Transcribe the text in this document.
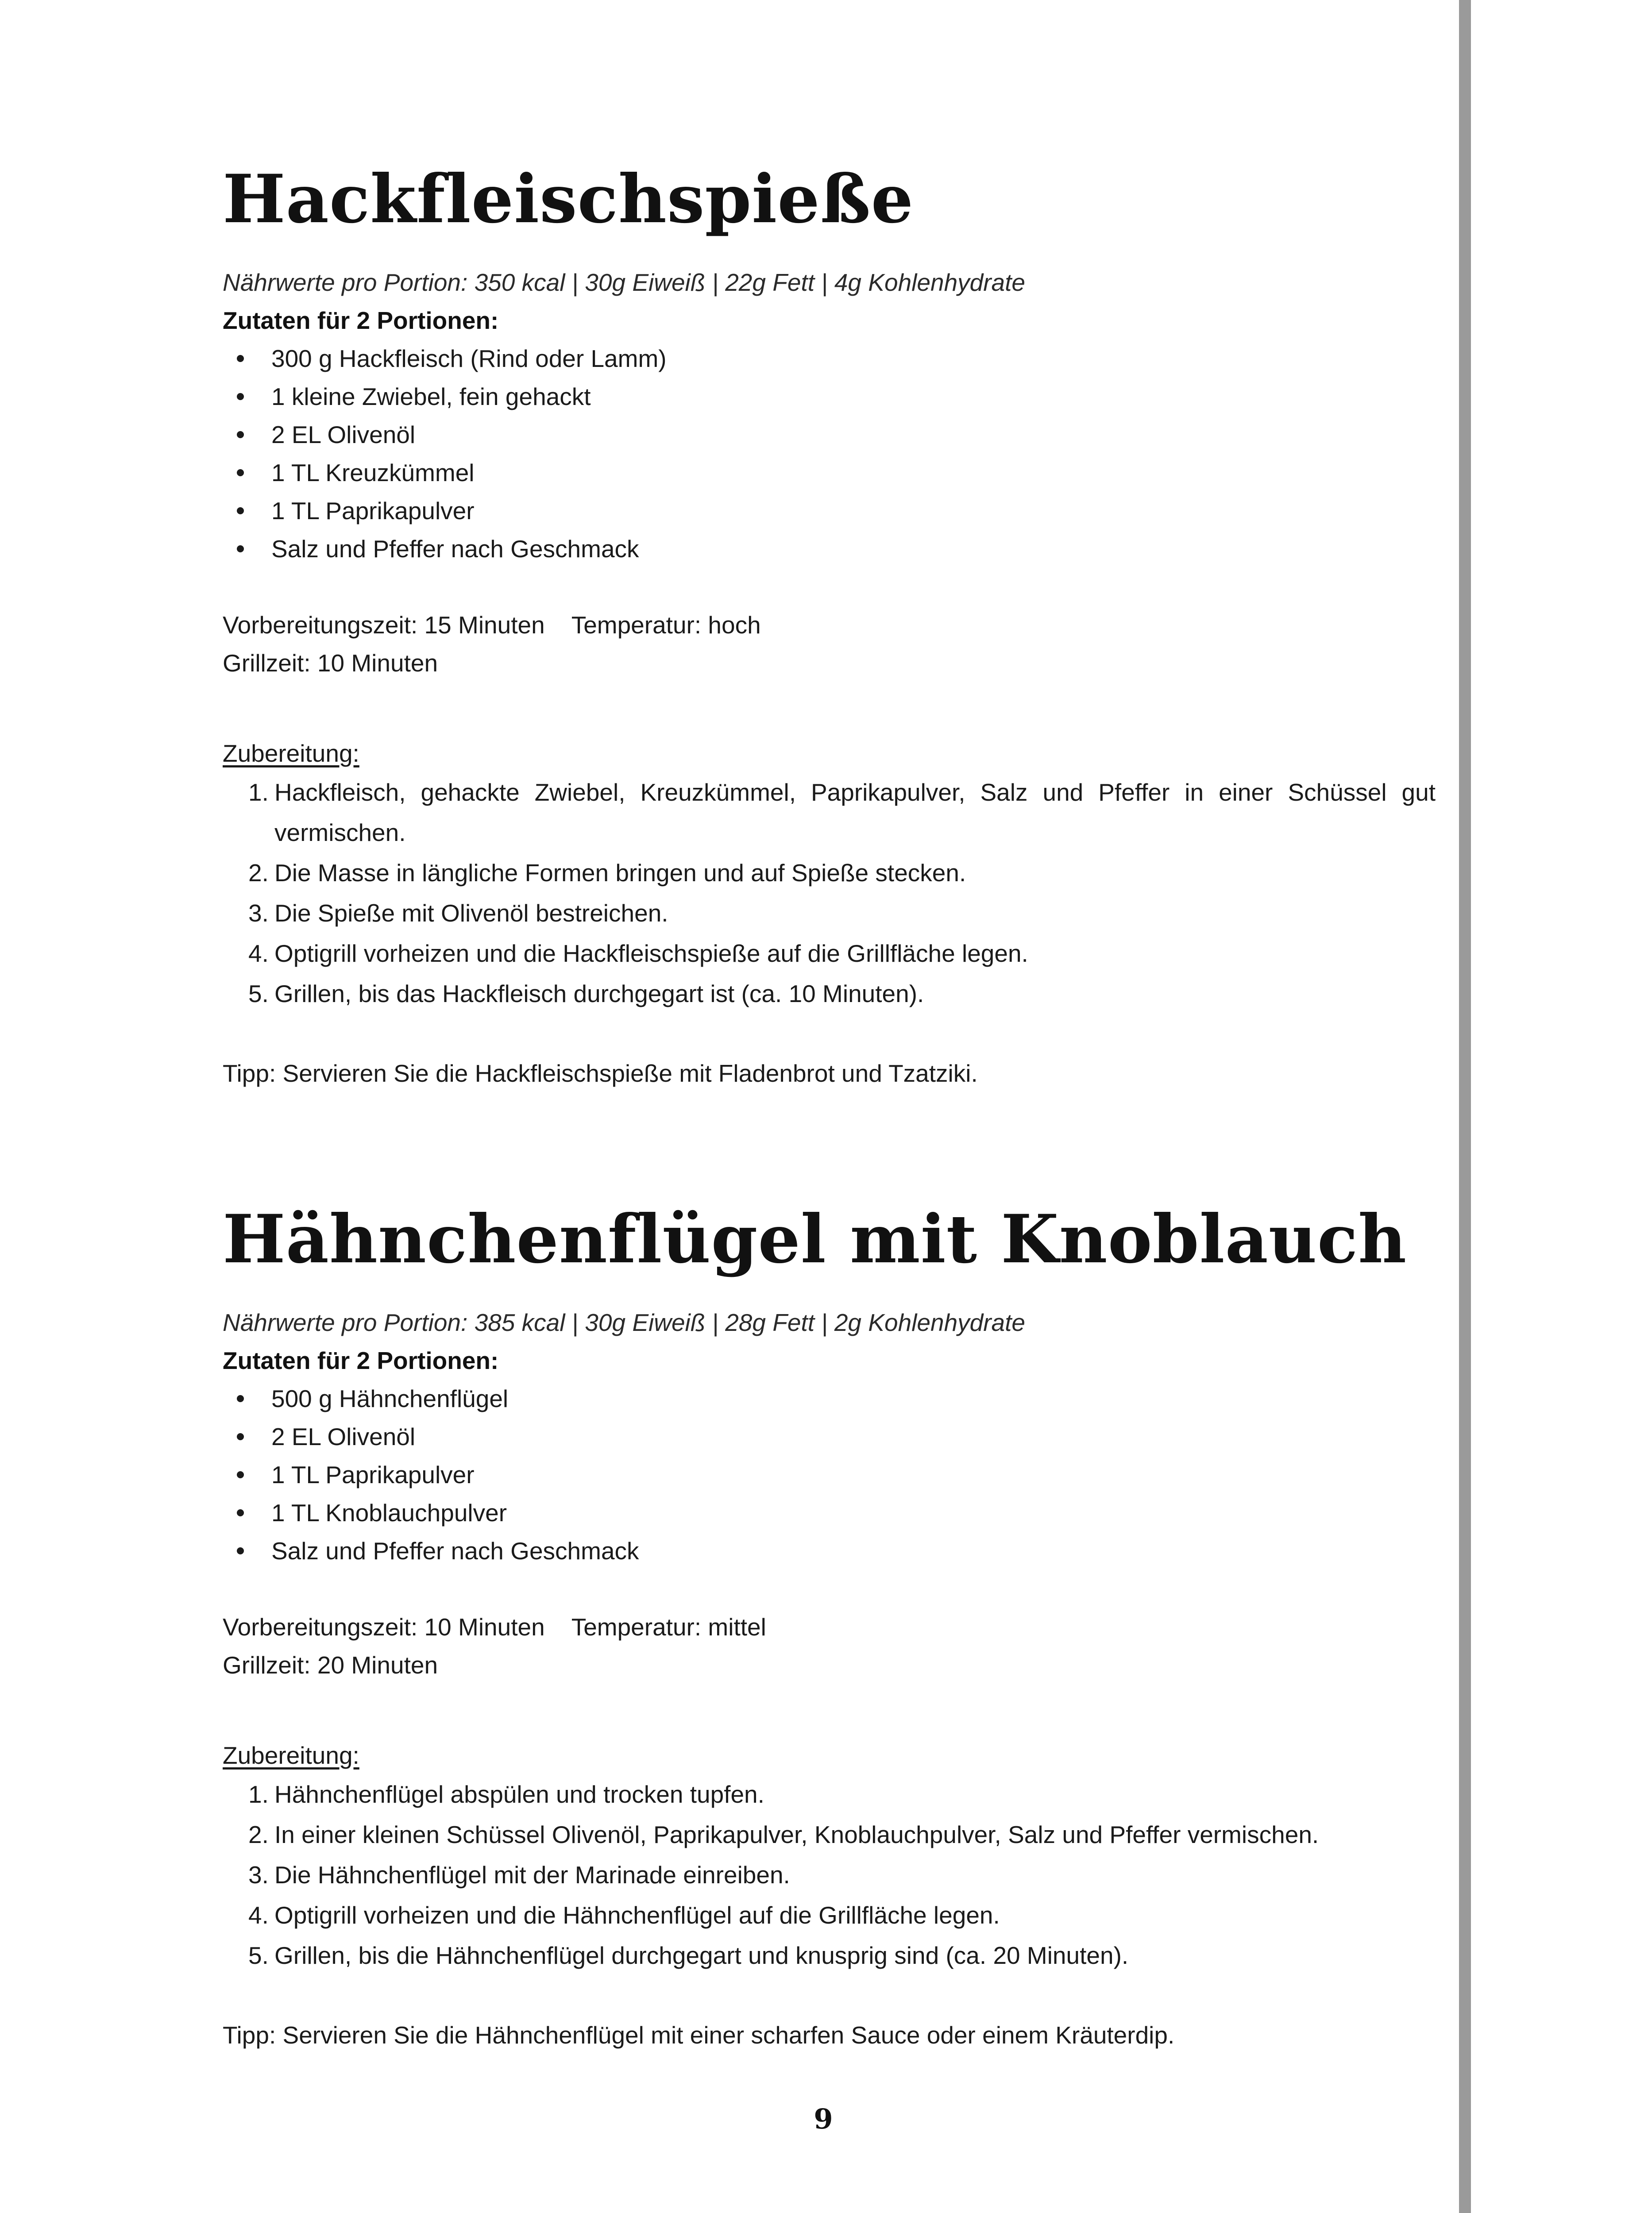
Hackfleischspieße
Nährwerte pro Portion: 350 kcal | 30g Eiweiß | 22g Fett | 4g Kohlenhydrate
Zutaten für 2 Portionen:
300 g Hackfleisch (Rind oder Lamm)
1 kleine Zwiebel, fein gehackt
2 EL Olivenöl
1 TL Kreuzkümmel
1 TL Paprikapulver
Salz und Pfeffer nach Geschmack
Vorbereitungszeit: 15 Minuten Temperatur: hoch
Grillzeit: 10 Minuten
Zubereitung:
1. Hackfleisch, gehackte Zwiebel, Kreuzkümmel, Paprikapulver, Salz und Pfeffer in einer Schüssel gut vermischen.
2. Die Masse in längliche Formen bringen und auf Spieße stecken.
3. Die Spieße mit Olivenöl bestreichen.
4. Optigrill vorheizen und die Hackfleischspieße auf die Grillfläche legen.
5. Grillen, bis das Hackfleisch durchgegart ist (ca. 10 Minuten).
Tipp: Servieren Sie die Hackfleischspieße mit Fladenbrot und Tzatziki.
Hähnchenflügel mit Knoblauch
Nährwerte pro Portion: 385 kcal | 30g Eiweiß | 28g Fett | 2g Kohlenhydrate
Zutaten für 2 Portionen:
500 g Hähnchenflügel
2 EL Olivenöl
1 TL Paprikapulver
1 TL Knoblauchpulver
Salz und Pfeffer nach Geschmack
Vorbereitungszeit: 10 Minuten Temperatur: mittel
Grillzeit: 20 Minuten
Zubereitung:
1. Hähnchenflügel abspülen und trocken tupfen.
2. In einer kleinen Schüssel Olivenöl, Paprikapulver, Knoblauchpulver, Salz und Pfeffer vermischen.
3. Die Hähnchenflügel mit der Marinade einreiben.
4. Optigrill vorheizen und die Hähnchenflügel auf die Grillfläche legen.
5. Grillen, bis die Hähnchenflügel durchgegart und knusprig sind (ca. 20 Minuten).
Tipp: Servieren Sie die Hähnchenflügel mit einer scharfen Sauce oder einem Kräuterdip.
9
